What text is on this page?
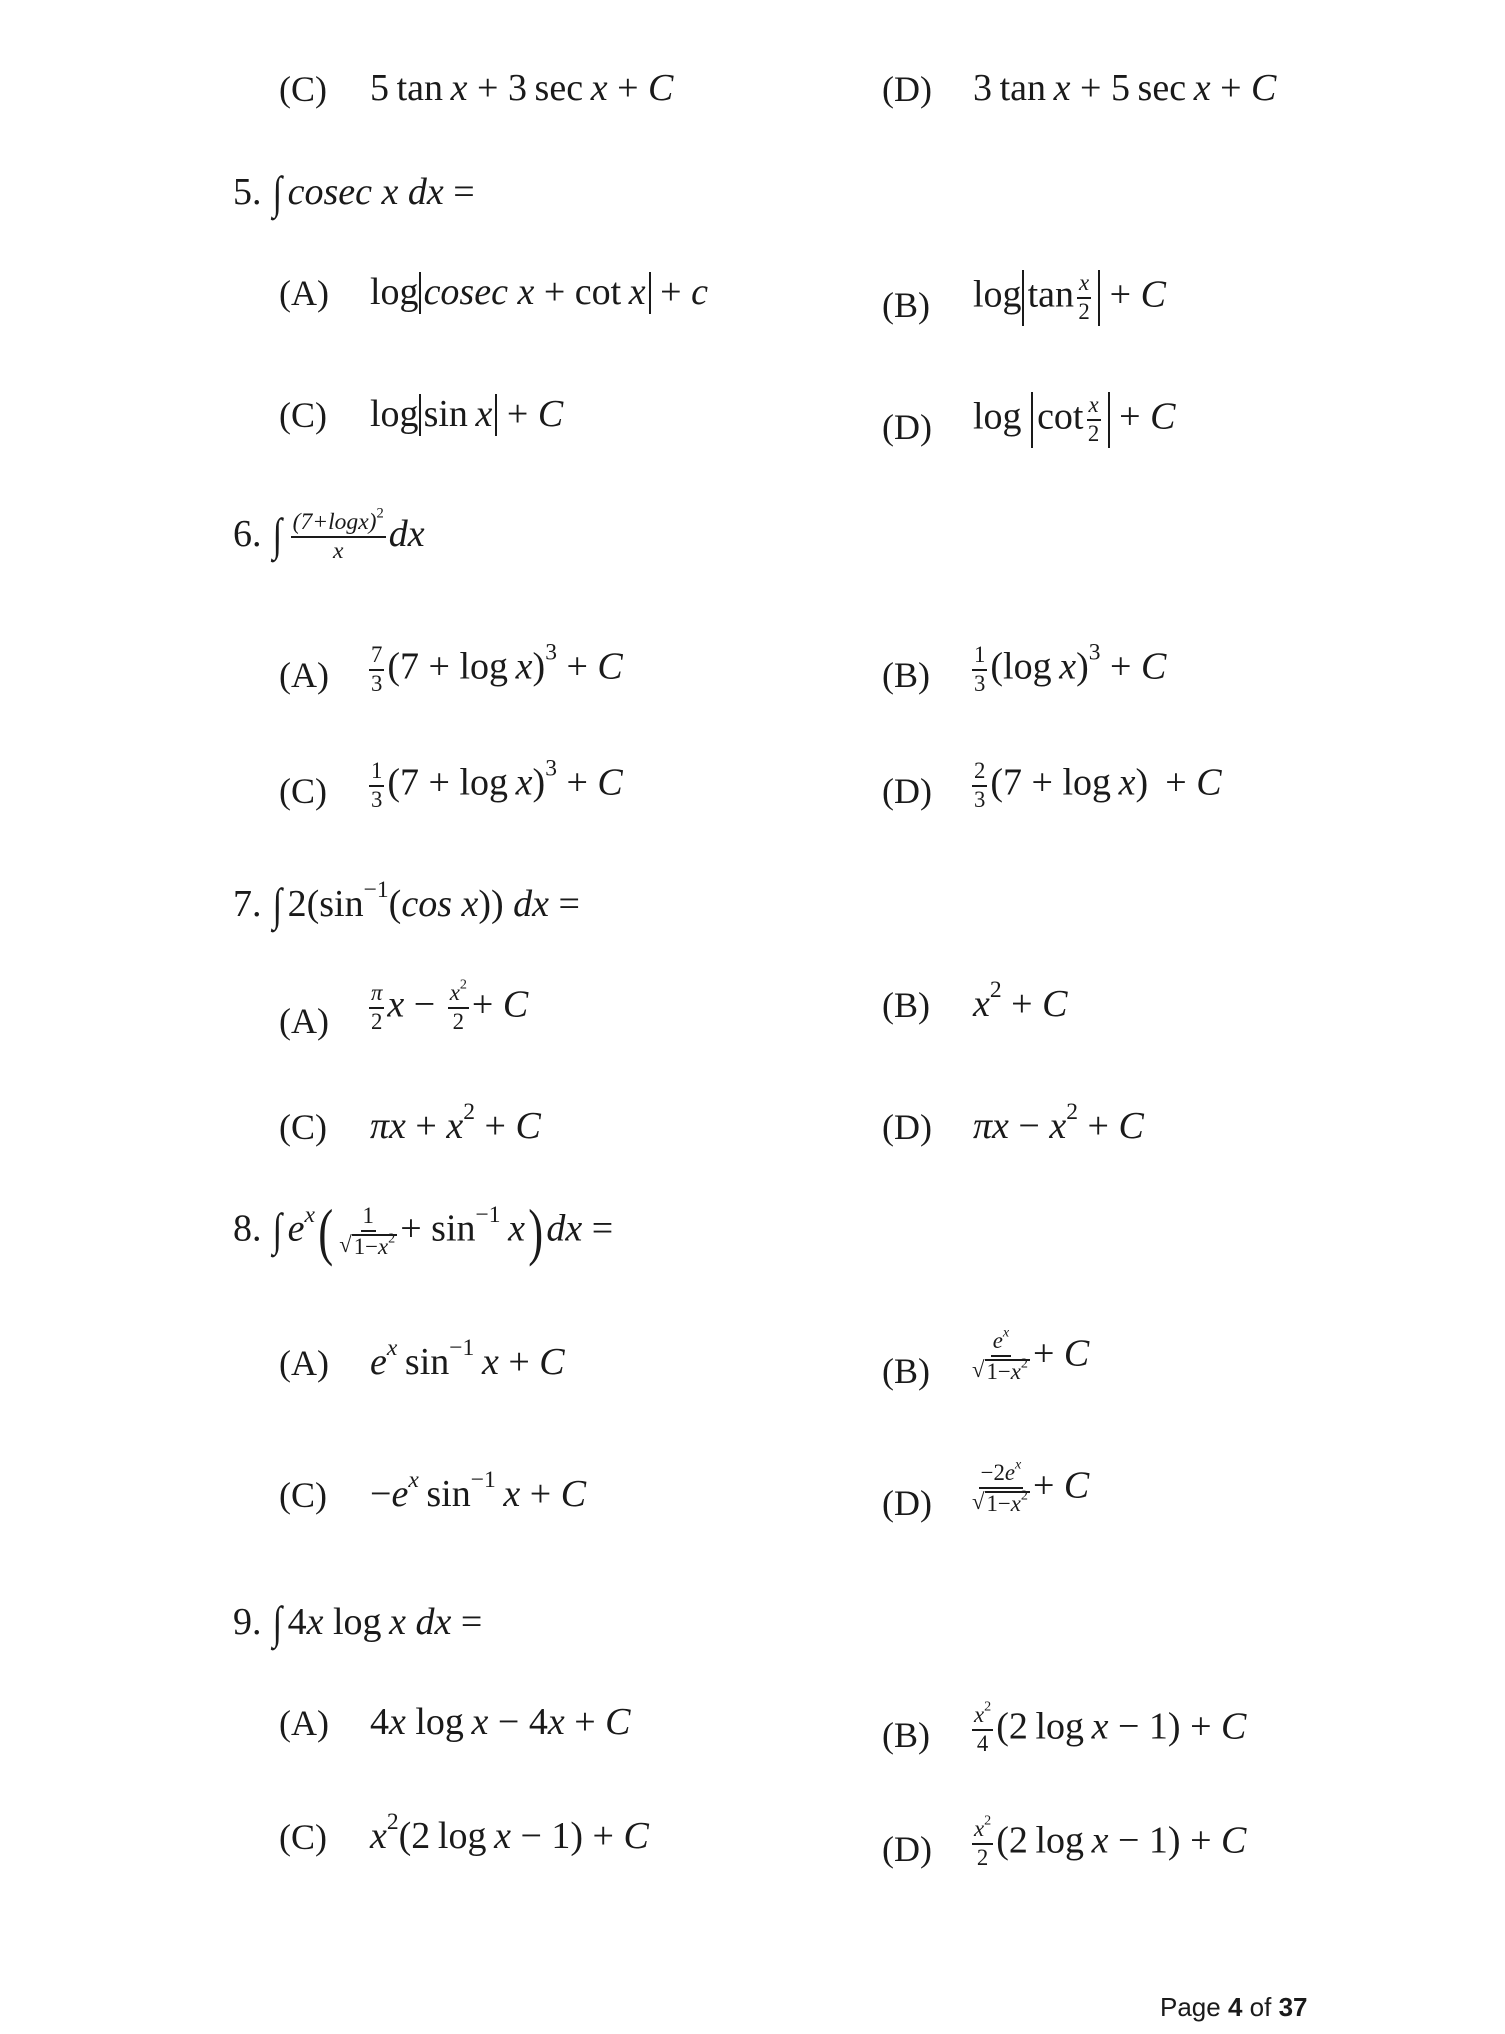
(C) 5 tan x + 3 sec x + C	(D) 3 tan x + 5 sec x + C
5. ∫ cosec x dx =
(A) log cosec x + cot x + c	(B) $\log \tan \frac{x}{2} + C$
(C) log sin x + C	(D) $\log \cot \frac{x}{2} + C$
6. ∫ $\frac{(7+\log x)^2}{x}$ dx
$(A) \frac{7}{3} (7 + \log x)^3 + C$	$(B) \frac{1}{3} (\log$ x)$^3$ + C
$(C) \frac{1}{3} (7 + \log x)^3 + C$	$(D) \frac{2}{3} (7 + \log x) + C$
7. ∫ $2(\sin^{-1}(\cos$ x)) dx =
$(A) \frac{\pi}{2}$ $x - \frac{x^2}{2} + C$	(B) $x^2 + C$
(C) $\pi x + x^2 + C$	(D) $\pi x - x^2 + C$
8. ∫ $e^x( \frac{1}{√ 1-x^2} + \sin^{-1} x)dx$ =
(A) $e^x$ $\sin^{-1} x + C$	$(B) \frac{e^x}{√ 1-x^2} + C$
$(C) -e^x$ $\sin^{-1} x + C$	$(D) \frac{-2e^x}{√ 1-x^2} + C$
9. ∫ 4x log x dx =
(A) 4x log x − 4x + C	$(B) \frac{x^2}{4} (2$ log x − 1) + C
(C) $x^2(2$ log x − 1) + C	$(D) \frac{x^2}{2} (2$ log x − 1) + C
Page 4 of 37
